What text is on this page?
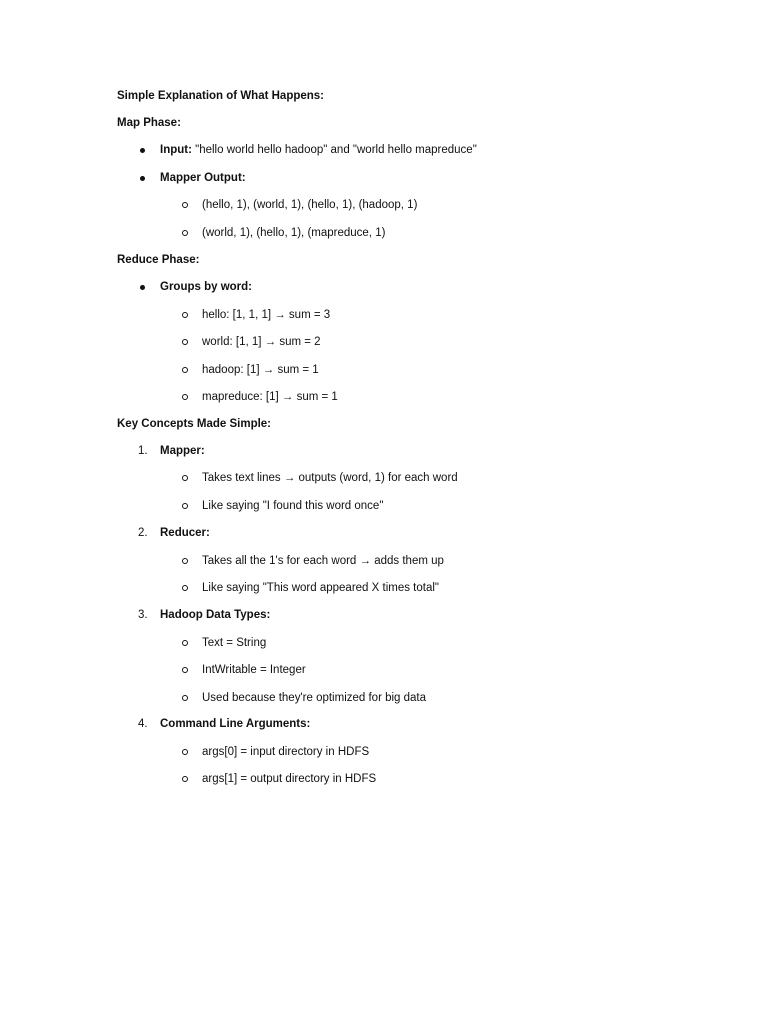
Simple Explanation of What Happens:
Map Phase:
Input: "hello world hello hadoop" and "world hello mapreduce"
Mapper Output:
(hello, 1), (world, 1), (hello, 1), (hadoop, 1)
(world, 1), (hello, 1), (mapreduce, 1)
Reduce Phase:
Groups by word:
hello: [1, 1, 1] → sum = 3
world: [1, 1] → sum = 2
hadoop: [1] → sum = 1
mapreduce: [1] → sum = 1
Key Concepts Made Simple:
1. Mapper:
Takes text lines → outputs (word, 1) for each word
Like saying "I found this word once"
2. Reducer:
Takes all the 1's for each word → adds them up
Like saying "This word appeared X times total"
3. Hadoop Data Types:
Text = String
IntWritable = Integer
Used because they're optimized for big data
4. Command Line Arguments:
args[0] = input directory in HDFS
args[1] = output directory in HDFS
